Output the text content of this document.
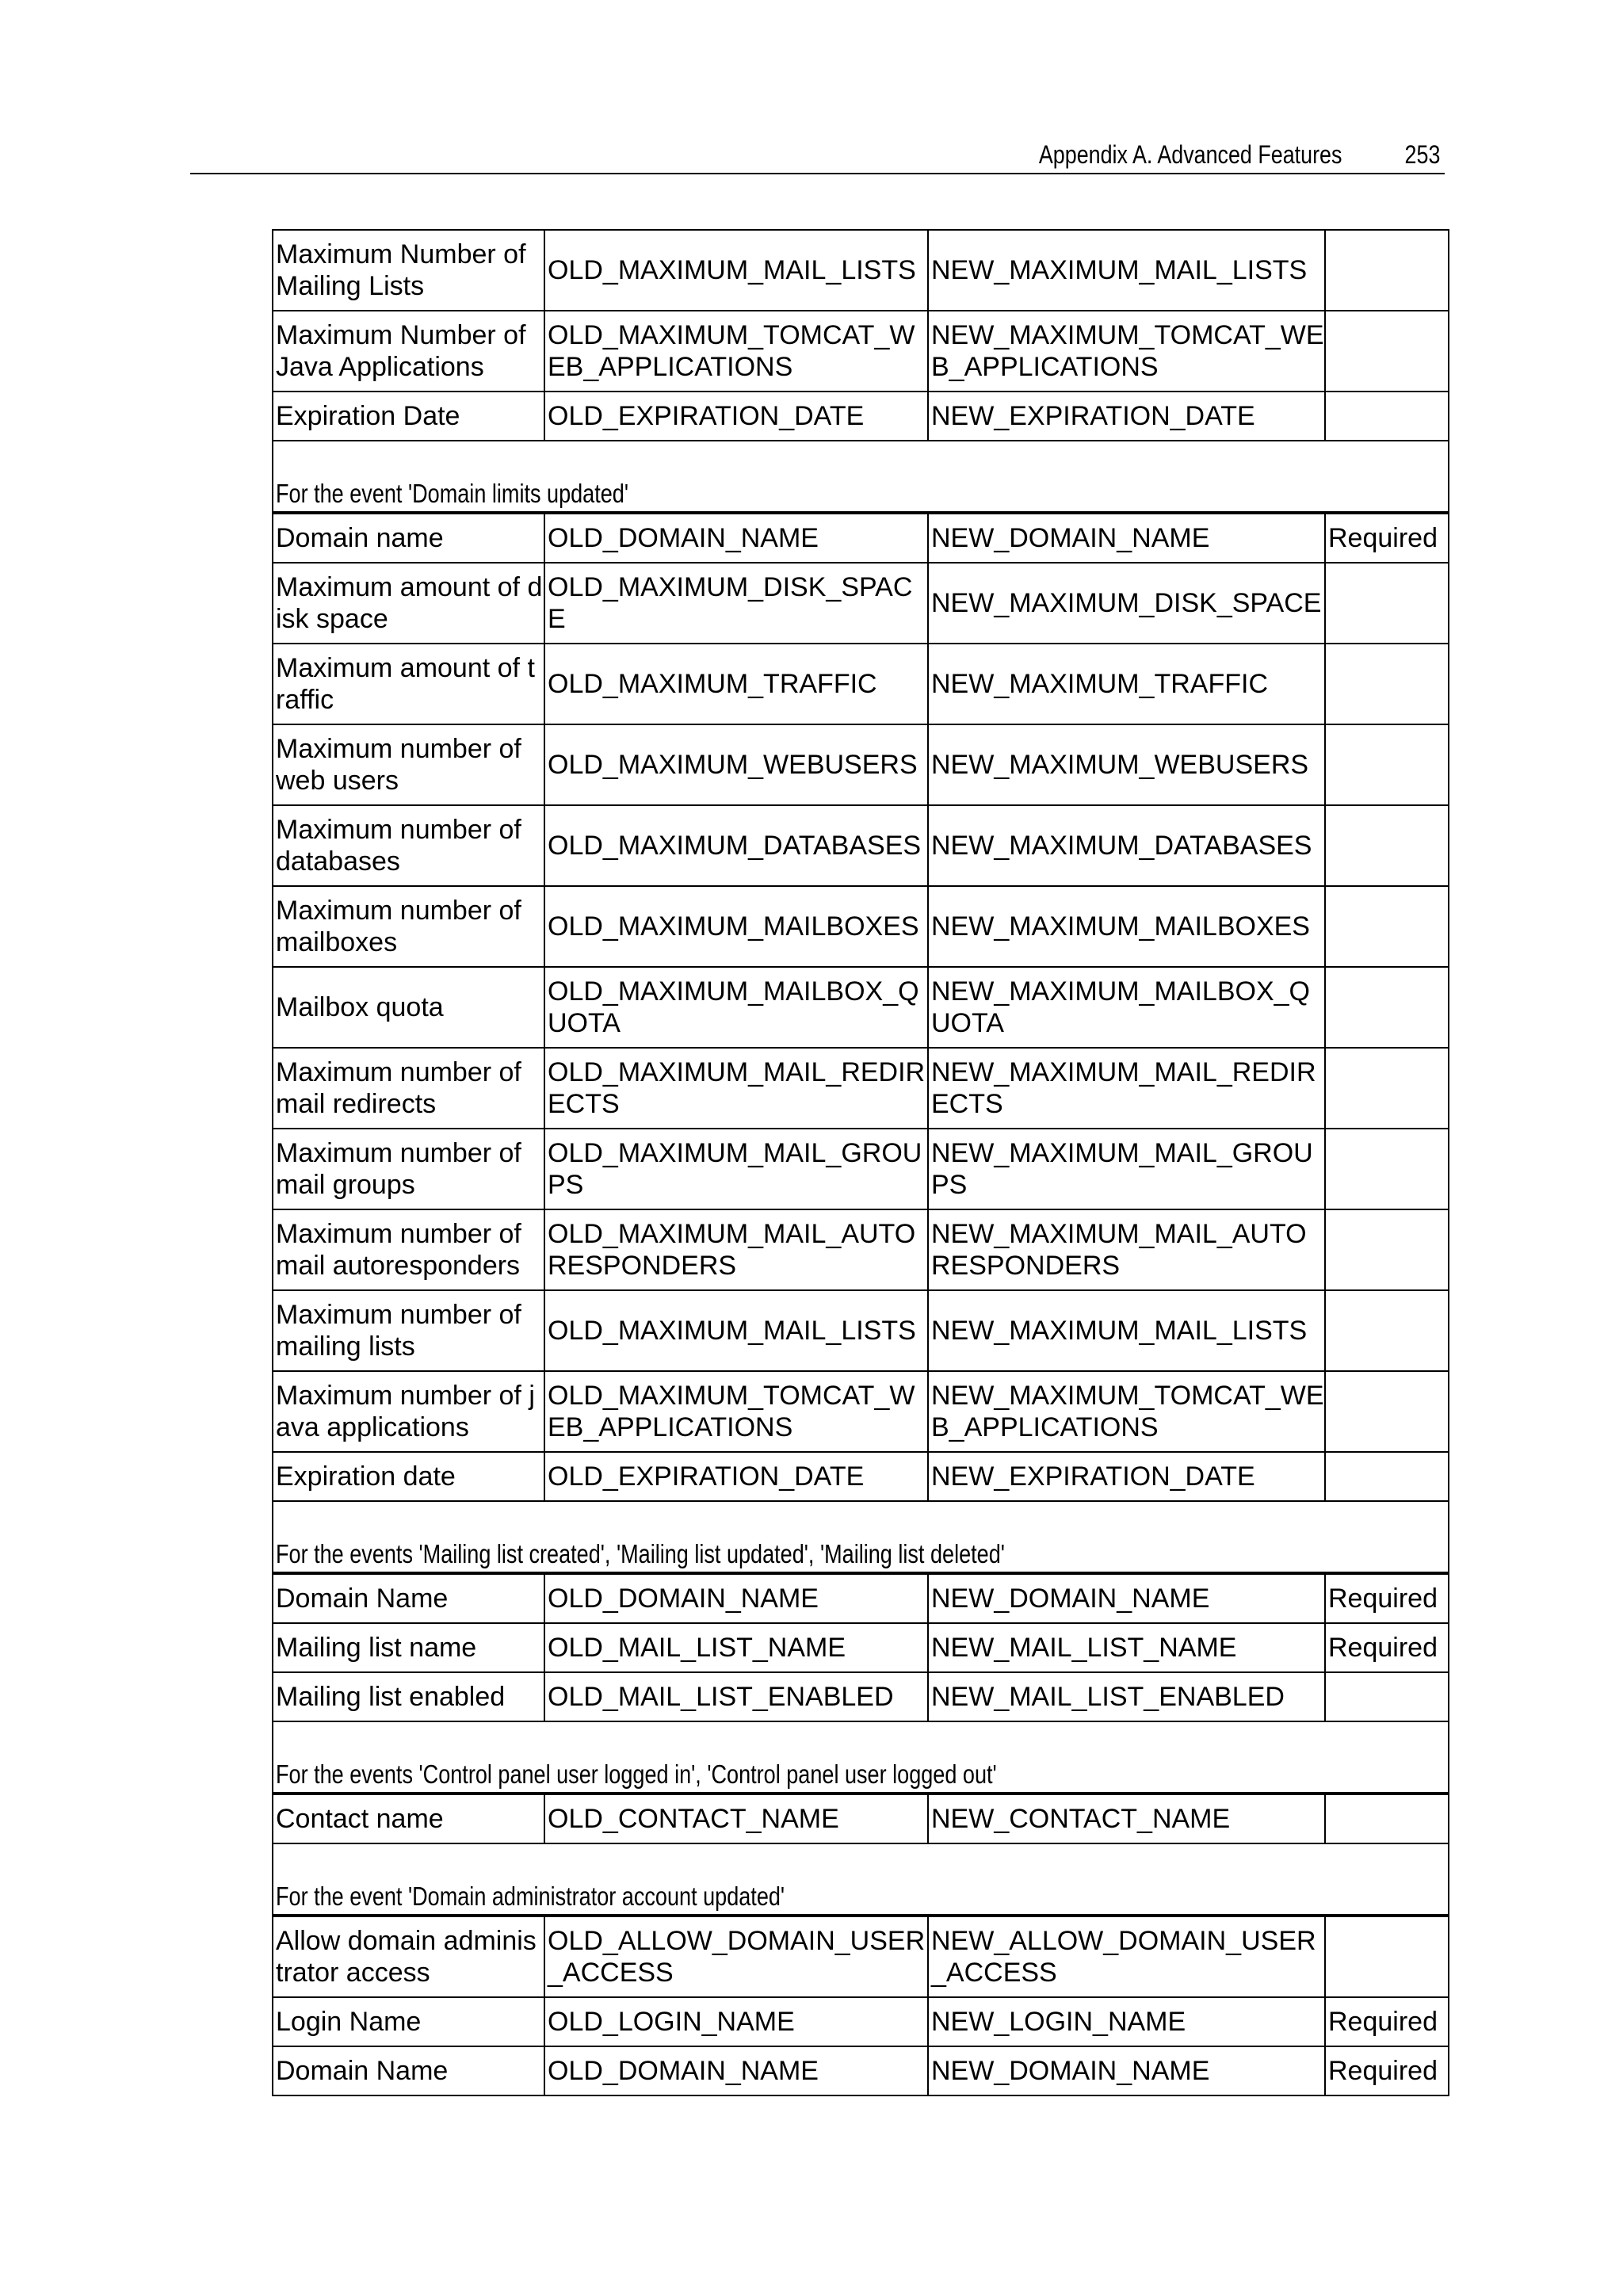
Appendix A. Advanced Features 253
Maximum Number of Mailing Lists	OLD_MAXIMUM_MAIL_LISTS	NEW_MAXIMUM_MAIL_LISTS	
Maximum Number of Java Applications	OLD_MAXIMUM_TOMCAT_WEB_APPLICATIONS	NEW_MAXIMUM_TOMCAT_WEB_APPLICATIONS	
Expiration Date	OLD_EXPIRATION_DATE	NEW_EXPIRATION_DATE	
For the event 'Domain limits updated'			
Domain name	OLD_DOMAIN_NAME	NEW_DOMAIN_NAME	Required
Maximum amount of disk space	OLD_MAXIMUM_DISK_SPACE	NEW_MAXIMUM_DISK_SPACE	
Maximum amount of traffic	OLD_MAXIMUM_TRAFFIC	NEW_MAXIMUM_TRAFFIC	
Maximum number of web users	OLD_MAXIMUM_WEBUSERS	NEW_MAXIMUM_WEBUSERS	
Maximum number of databases	OLD_MAXIMUM_DATABASES	NEW_MAXIMUM_DATABASES	
Maximum number of mailboxes	OLD_MAXIMUM_MAILBOXES	NEW_MAXIMUM_MAILBOXES	
Mailbox quota	OLD_MAXIMUM_MAILBOX_QUOTA	NEW_MAXIMUM_MAILBOX_QUOTA	
Maximum number of mail redirects	OLD_MAXIMUM_MAIL_REDIRECTS	NEW_MAXIMUM_MAIL_REDIRECTS	
Maximum number of mail groups	OLD_MAXIMUM_MAIL_GROUPS	NEW_MAXIMUM_MAIL_GROUPS	
Maximum number of mail autoresponders	OLD_MAXIMUM_MAIL_AUTORESPONDERS	NEW_MAXIMUM_MAIL_AUTORESPONDERS	
Maximum number of mailing lists	OLD_MAXIMUM_MAIL_LISTS	NEW_MAXIMUM_MAIL_LISTS	
Maximum number of java applications	OLD_MAXIMUM_TOMCAT_WEB_APPLICATIONS	NEW_MAXIMUM_TOMCAT_WEB_APPLICATIONS	
Expiration date	OLD_EXPIRATION_DATE	NEW_EXPIRATION_DATE	
For the events 'Mailing list created', 'Mailing list updated', 'Mailing list deleted'			
Domain Name	OLD_DOMAIN_NAME	NEW_DOMAIN_NAME	Required
Mailing list name	OLD_MAIL_LIST_NAME	NEW_MAIL_LIST_NAME	Required
Mailing list enabled	OLD_MAIL_LIST_ENABLED	NEW_MAIL_LIST_ENABLED	
For the events 'Control panel user logged in', 'Control panel user logged out'			
Contact name	OLD_CONTACT_NAME	NEW_CONTACT_NAME	
For the event 'Domain administrator account updated'			
Allow domain administrator access	OLD_ALLOW_DOMAIN_USER_ACCESS	NEW_ALLOW_DOMAIN_USER_ACCESS	
Login Name	OLD_LOGIN_NAME	NEW_LOGIN_NAME	Required
Domain Name	OLD_DOMAIN_NAME	NEW_DOMAIN_NAME	Required
